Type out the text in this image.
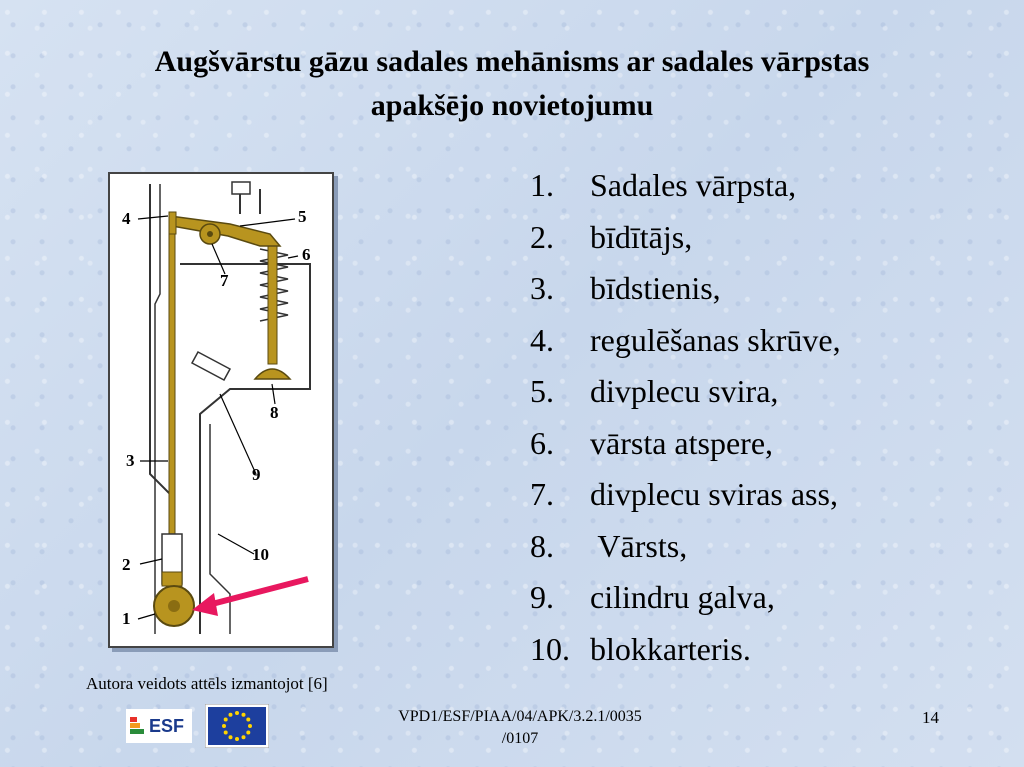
Augšvārstu gāzu sadales mehānisms ar sadales vārpstas
apakšējo novietojumu
1
2
3
4	5
6
7
8
9
10
Autora veidots attēls izmantojot [6]
1.	Sadales vārpsta,
2.	bīdītājs,
3.	bīdstienis,
4.	regulēšanas skrūve,
5.	divplecu svira,
6.	vārsta atspere,
7.	divplecu sviras ass,
8.	Vārsts,
9.	cilindru galva,
10. blokkarteris.
ESF	VPD1/ESF/PIAA/04/APK/3.2.1/0035
/0107
14
